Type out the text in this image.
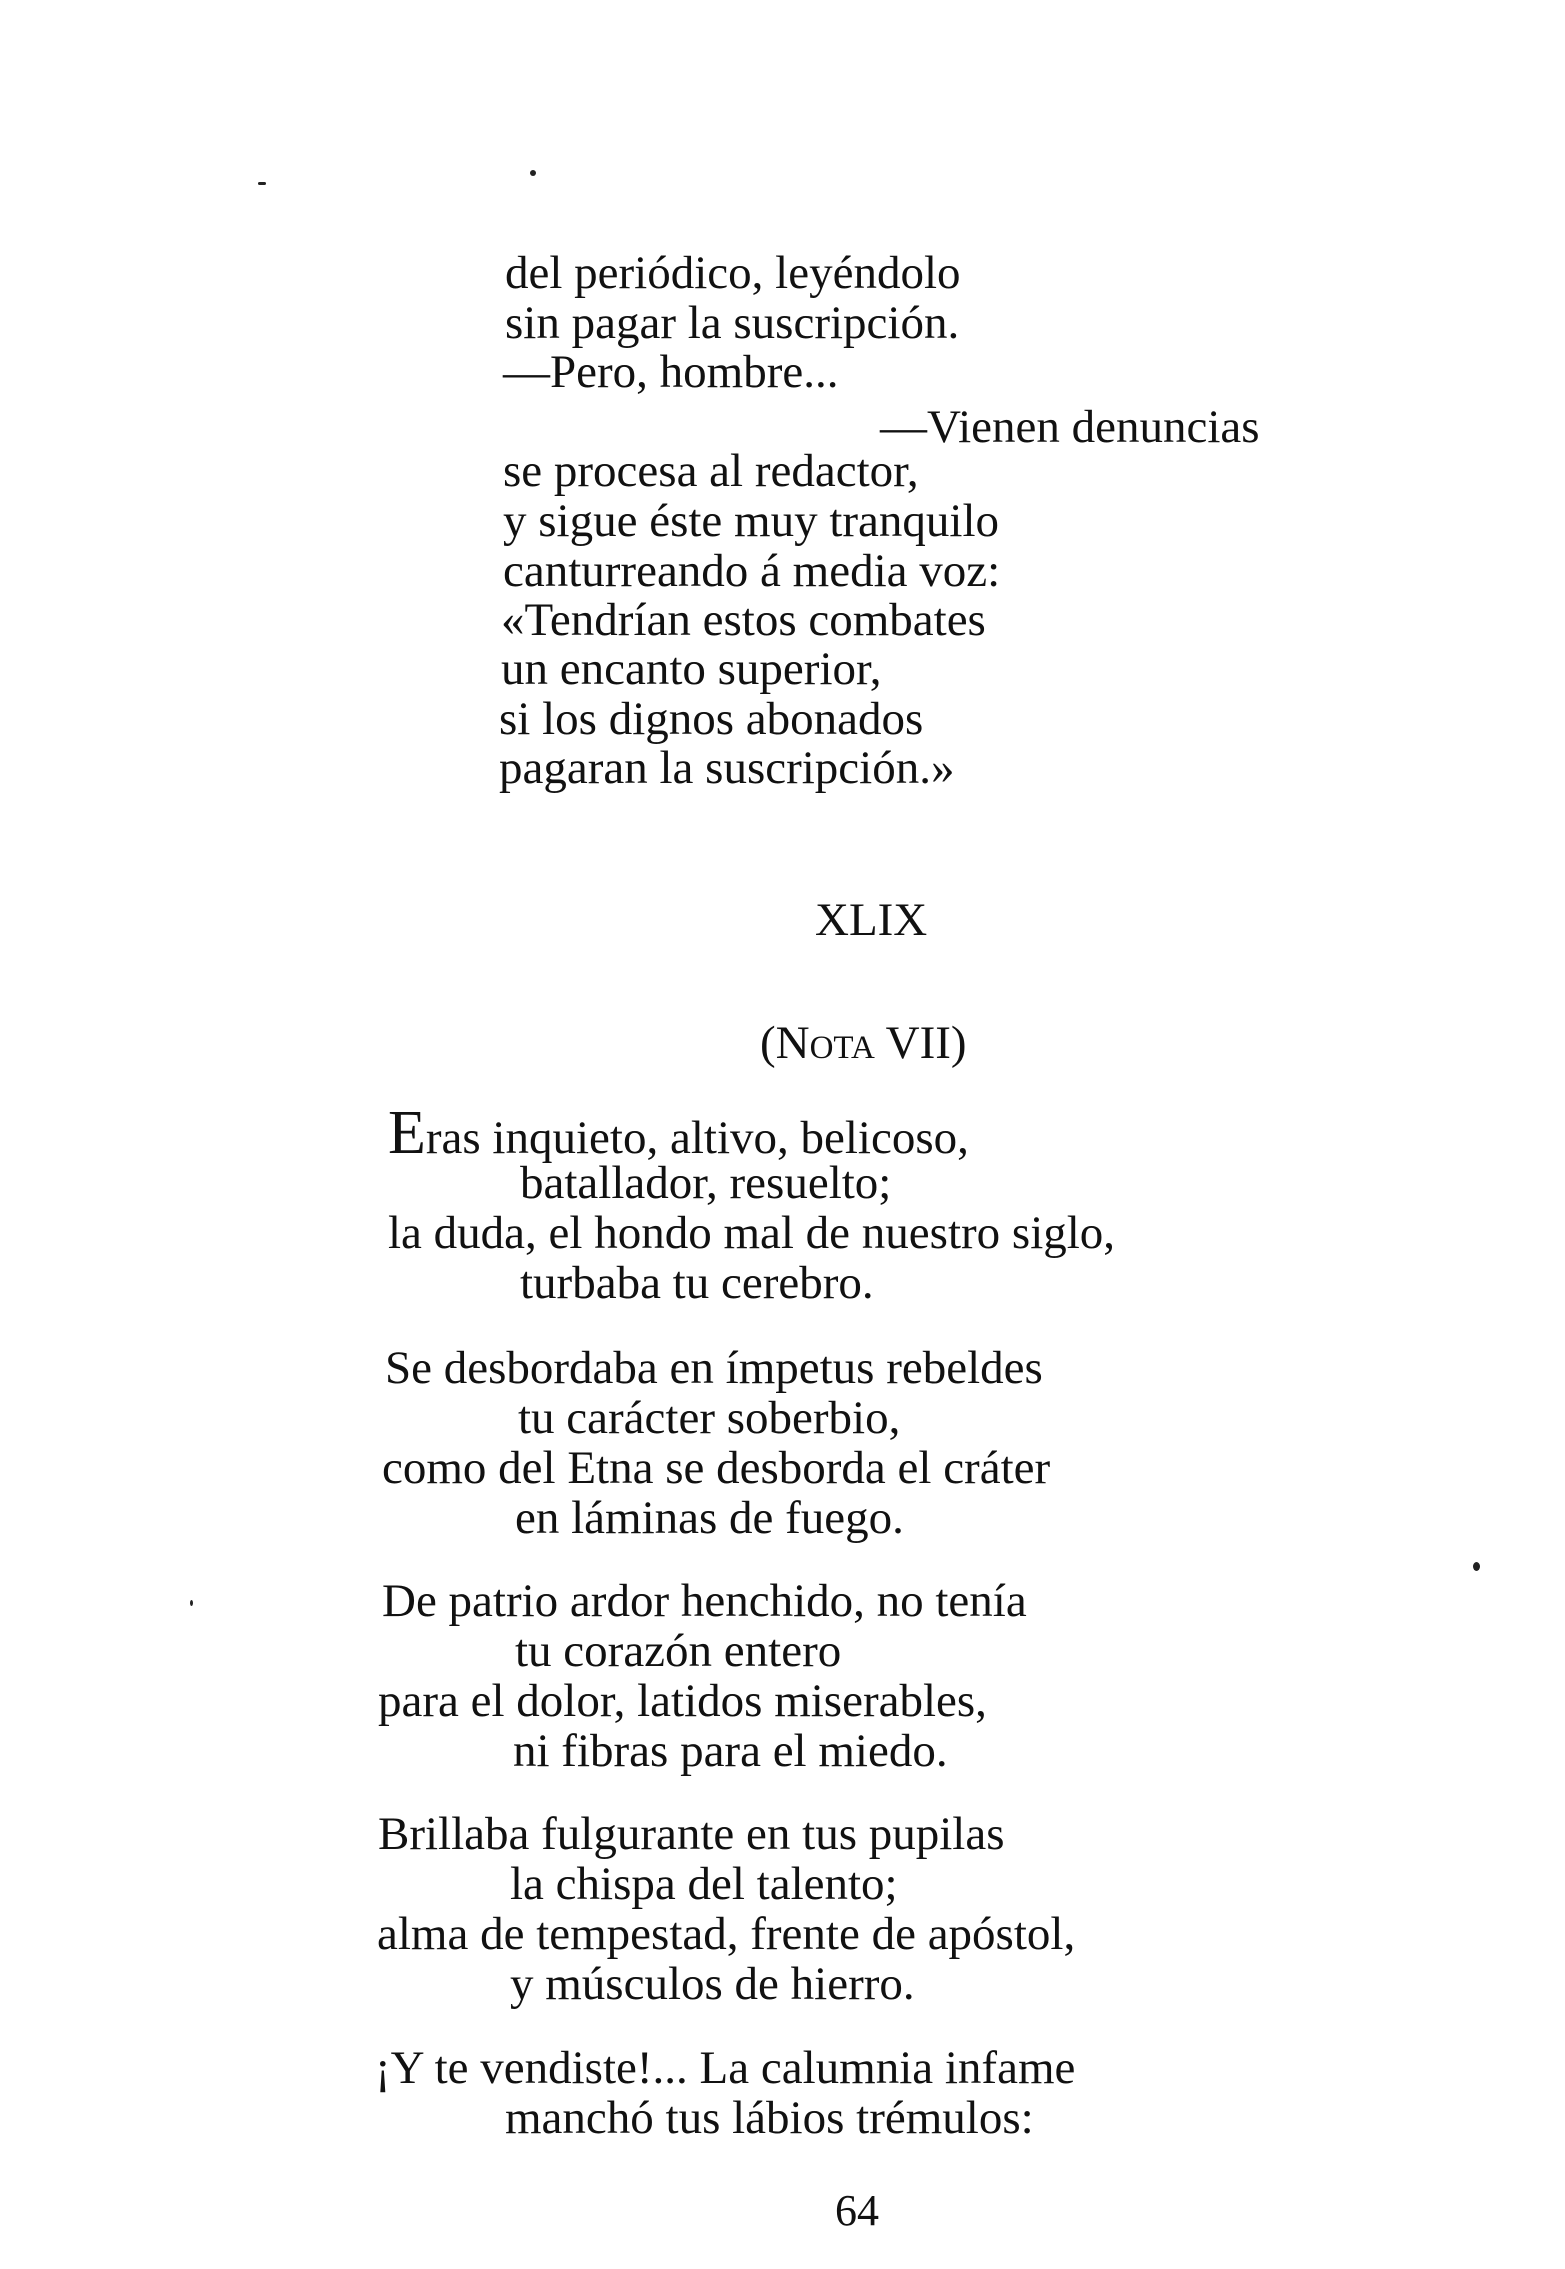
del periódico, leyéndolo
sin pagar la suscripción.
—Pero, hombre...
—Vienen denuncias
se procesa al redactor,
y sigue éste muy tranquilo
canturreando á media voz:
«Tendrían estos combates
un encanto superior,
si los dignos abonados
pagaran la suscripción.»
XLIX
(Nota VII)
Eras inquieto, altivo, belicoso,
batallador, resuelto;
la duda, el hondo mal de nuestro siglo,
turbaba tu cerebro.
Se desbordaba en ímpetus rebeldes
tu carácter soberbio,
como del Etna se desborda el cráter
en láminas de fuego.
De patrio ardor henchido, no tenía
tu corazón entero
para el dolor, latidos miserables,
ni fibras para el miedo.
Brillaba fulgurante en tus pupilas
la chispa del talento;
alma de tempestad, frente de apóstol,
y músculos de hierro.
¡Y te vendiste!... La calumnia infame
manchó tus lábios trémulos:
64
